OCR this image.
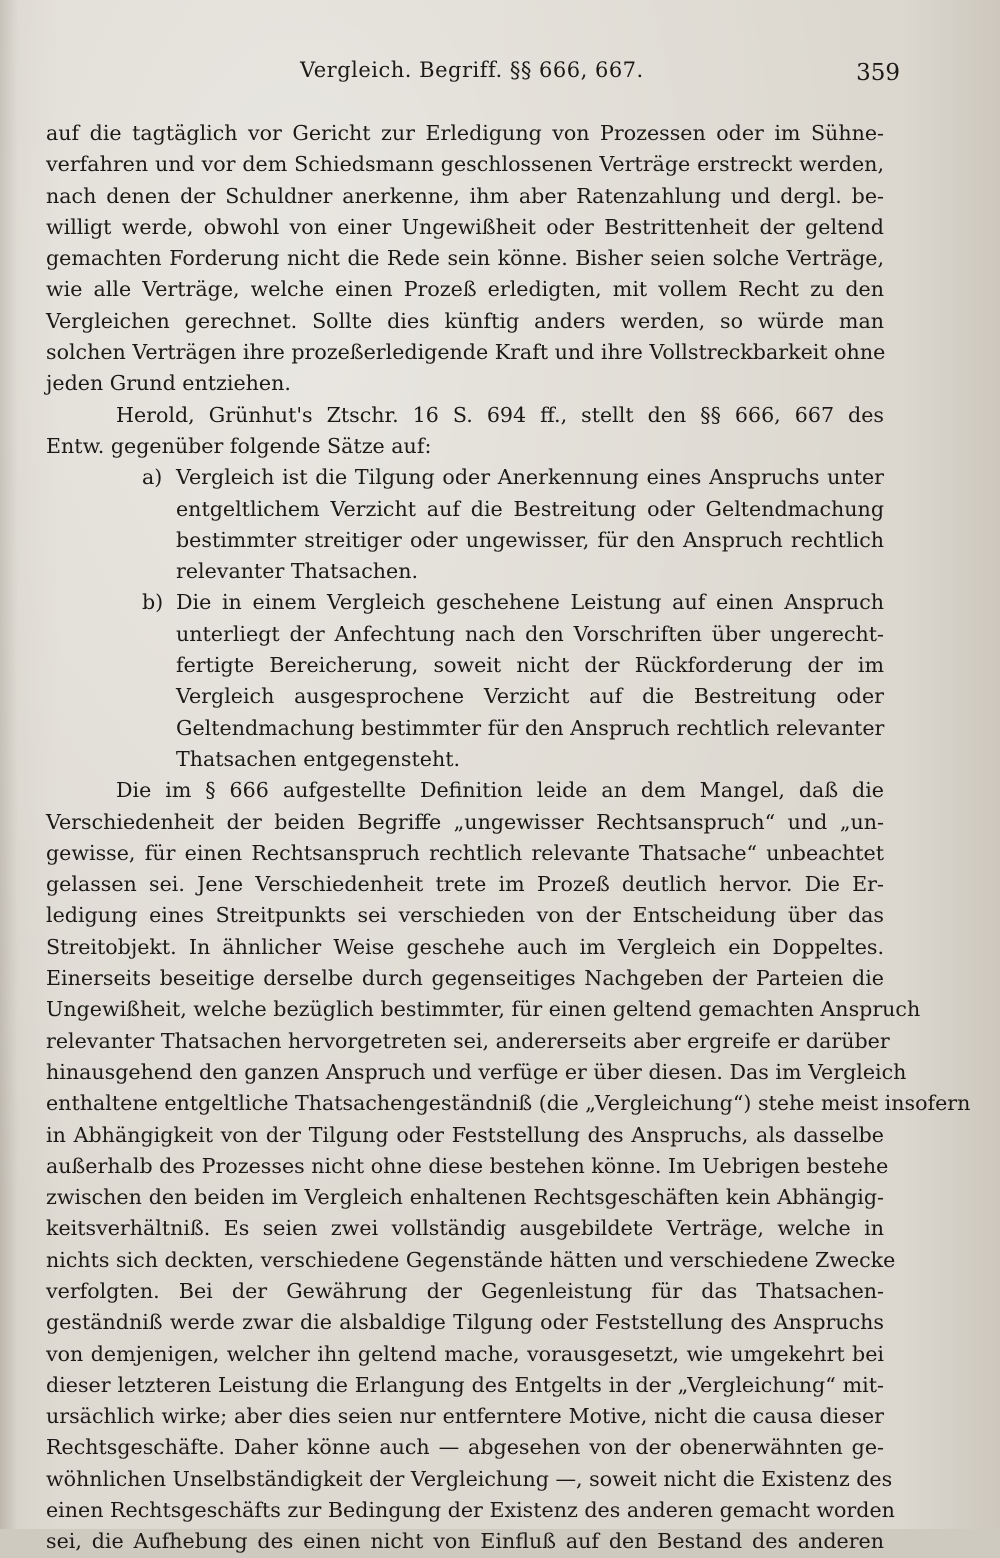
Vergleich. Begriff. §§ 666, 667.	359
auf die tagtäglich vor Gericht zur Erledigung von Prozessen oder im Sühne-
verfahren und vor dem Schiedsmann geschlossenen Verträge erstreckt werden,
nach denen der Schuldner anerkenne, ihm aber Ratenzahlung und dergl. be-
willigt werde, obwohl von einer Ungewißheit oder Bestrittenheit der geltend
gemachten Forderung nicht die Rede sein könne. Bisher seien solche Verträge,
wie alle Verträge, welche einen Prozeß erledigten, mit vollem Recht zu den
Vergleichen gerechnet. Sollte dies künftig anders werden, so würde man
solchen Verträgen ihre prozeßerledigende Kraft und ihre Vollstreckbarkeit ohne
jeden Grund entziehen.
Herold, Grünhut's Ztschr. 16 S. 694 ff., stellt den §§ 666, 667 des
Entw. gegenüber folgende Sätze auf:
a) Vergleich ist die Tilgung oder Anerkennung eines Anspruchs unter
entgeltlichem Verzicht auf die Bestreitung oder Geltendmachung
bestimmter streitiger oder ungewisser, für den Anspruch rechtlich
relevanter Thatsachen.
b) Die in einem Vergleich geschehene Leistung auf einen Anspruch
unterliegt der Anfechtung nach den Vorschriften über ungerecht-
fertigte Bereicherung, soweit nicht der Rückforderung der im
Vergleich ausgesprochene Verzicht auf die Bestreitung oder
Geltendmachung bestimmter für den Anspruch rechtlich relevanter
Thatsachen entgegensteht.
Die im § 666 aufgestellte Definition leide an dem Mangel, daß die
Verschiedenheit der beiden Begriffe „ungewisser Rechtsanspruch“ und „un-
gewisse, für einen Rechtsanspruch rechtlich relevante Thatsache“ unbeachtet
gelassen sei. Jene Verschiedenheit trete im Prozeß deutlich hervor. Die Er-
ledigung eines Streitpunkts sei verschieden von der Entscheidung über das
Streitobjekt. In ähnlicher Weise geschehe auch im Vergleich ein Doppeltes.
Einerseits beseitige derselbe durch gegenseitiges Nachgeben der Parteien die
Ungewißheit, welche bezüglich bestimmter, für einen geltend gemachten Anspruch
relevanter Thatsachen hervorgetreten sei, andererseits aber ergreife er darüber
hinausgehend den ganzen Anspruch und verfüge er über diesen. Das im Vergleich
enthaltene entgeltliche Thatsachengeständniß (die „Vergleichung“) stehe meist insofern
in Abhängigkeit von der Tilgung oder Feststellung des Anspruchs, als dasselbe
außerhalb des Prozesses nicht ohne diese bestehen könne. Im Uebrigen bestehe
zwischen den beiden im Vergleich enhaltenen Rechtsgeschäften kein Abhängig-
keitsverhältniß. Es seien zwei vollständig ausgebildete Verträge, welche in
nichts sich deckten, verschiedene Gegenstände hätten und verschiedene Zwecke
verfolgten. Bei der Gewährung der Gegenleistung für das Thatsachen-
geständniß werde zwar die alsbaldige Tilgung oder Feststellung des Anspruchs
von demjenigen, welcher ihn geltend mache, vorausgesetzt, wie umgekehrt bei
dieser letzteren Leistung die Erlangung des Entgelts in der „Vergleichung“ mit-
ursächlich wirke; aber dies seien nur entferntere Motive, nicht die causa dieser
Rechtsgeschäfte. Daher könne auch — abgesehen von der obenerwähnten ge-
wöhnlichen Unselbständigkeit der Vergleichung —, soweit nicht die Existenz des
einen Rechtsgeschäfts zur Bedingung der Existenz des anderen gemacht worden
sei, die Aufhebung des einen nicht von Einfluß auf den Bestand des anderen
